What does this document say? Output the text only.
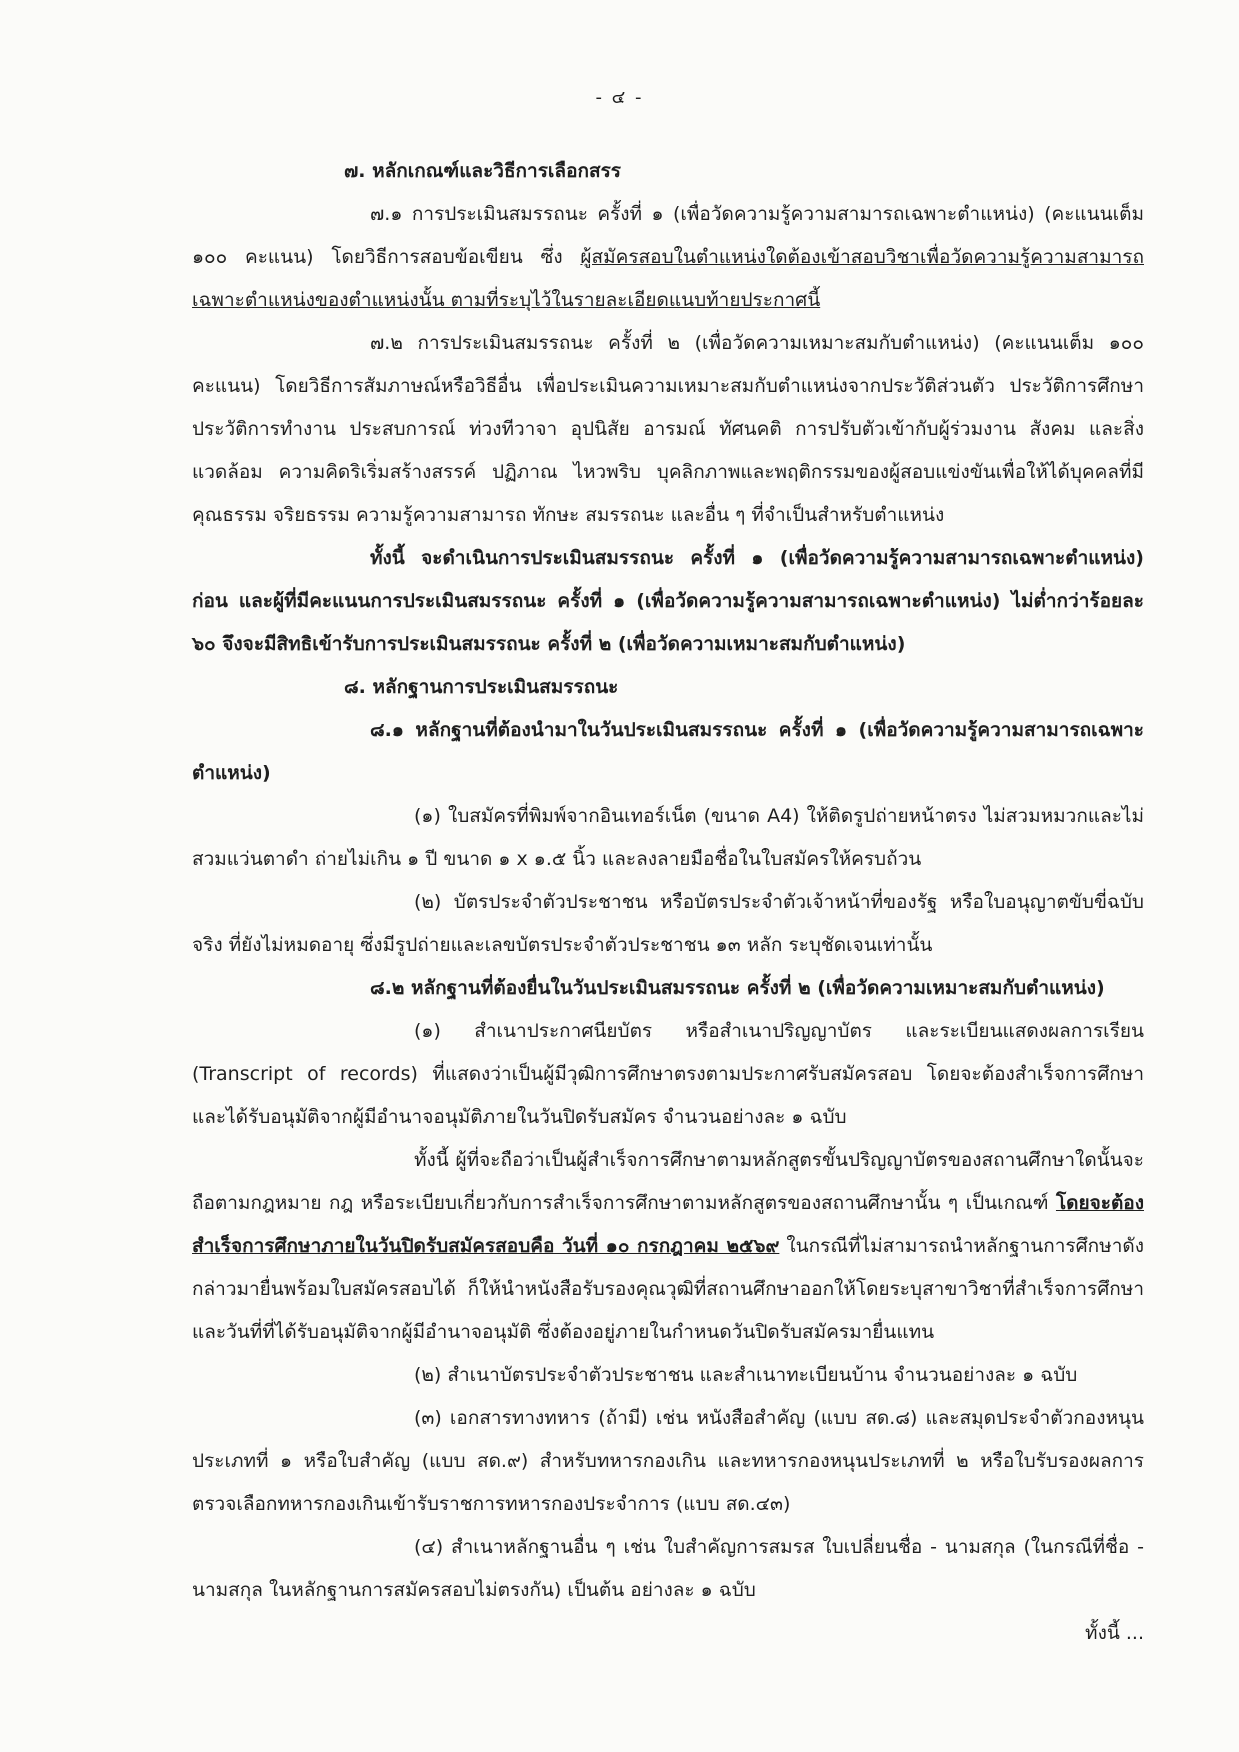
- ๔ -

๗. หลักเกณฑ์และวิธีการเลือกสรร

๗.๑ การประเมินสมรรถนะ ครั้งที่ ๑ (เพื่อวัดความรู้ความสามารถเฉพาะตำแหน่ง) (คะแนนเต็ม ๑๐๐ คะแนน) โดยวิธีการสอบข้อเขียน ซึ่ง ผู้สมัครสอบในตำแหน่งใดต้องเข้าสอบวิชาเพื่อวัดความรู้ความสามารถเฉพาะตำแหน่งของตำแหน่งนั้น ตามที่ระบุไว้ในรายละเอียดแนบท้ายประกาศนี้

๗.๒ การประเมินสมรรถนะ ครั้งที่ ๒ (เพื่อวัดความเหมาะสมกับตำแหน่ง) (คะแนนเต็ม ๑๐๐ คะแนน) โดยวิธีการสัมภาษณ์หรือวิธีอื่น เพื่อประเมินความเหมาะสมกับตำแหน่งจากประวัติส่วนตัว ประวัติการศึกษา ประวัติการทำงาน ประสบการณ์ ท่วงทีวาจา อุปนิสัย อารมณ์ ทัศนคติ การปรับตัวเข้ากับผู้ร่วมงาน สังคม และสิ่งแวดล้อม ความคิดริเริ่มสร้างสรรค์ ปฏิภาณ ไหวพริบ บุคลิกภาพและพฤติกรรมของผู้สอบแข่งขันเพื่อให้ได้บุคคลที่มีคุณธรรม จริยธรรม ความรู้ความสามารถ ทักษะ สมรรถนะ และอื่น ๆ ที่จำเป็นสำหรับตำแหน่ง

ทั้งนี้ จะดำเนินการประเมินสมรรถนะ ครั้งที่ ๑ (เพื่อวัดความรู้ความสามารถเฉพาะตำแหน่ง) ก่อน และผู้ที่มีคะแนนการประเมินสมรรถนะ ครั้งที่ ๑ (เพื่อวัดความรู้ความสามารถเฉพาะตำแหน่ง) ไม่ต่ำกว่าร้อยละ ๖๐ จึงจะมีสิทธิเข้ารับการประเมินสมรรถนะ ครั้งที่ ๒ (เพื่อวัดความเหมาะสมกับตำแหน่ง)

๘. หลักฐานการประเมินสมรรถนะ

๘.๑ หลักฐานที่ต้องนำมาในวันประเมินสมรรถนะ ครั้งที่ ๑ (เพื่อวัดความรู้ความสามารถเฉพาะตำแหน่ง)

(๑) ใบสมัครที่พิมพ์จากอินเทอร์เน็ต (ขนาด A4) ให้ติดรูปถ่ายหน้าตรง ไม่สวมหมวกและไม่สวมแว่นตาดำ ถ่ายไม่เกิน ๑ ปี ขนาด ๑ x ๑.๕ นิ้ว และลงลายมือชื่อในใบสมัครให้ครบถ้วน

(๒) บัตรประจำตัวประชาชน หรือบัตรประจำตัวเจ้าหน้าที่ของรัฐ หรือใบอนุญาตขับขี่ฉบับจริง ที่ยังไม่หมดอายุ ซึ่งมีรูปถ่ายและเลขบัตรประจำตัวประชาชน ๑๓ หลัก ระบุชัดเจนเท่านั้น

๘.๒ หลักฐานที่ต้องยื่นในวันประเมินสมรรถนะ ครั้งที่ ๒ (เพื่อวัดความเหมาะสมกับตำแหน่ง)

(๑) สำเนาประกาศนียบัตร หรือสำเนาปริญญาบัตร และระเบียนแสดงผลการเรียน (Transcript of records) ที่แสดงว่าเป็นผู้มีวุฒิการศึกษาตรงตามประกาศรับสมัครสอบ โดยจะต้องสำเร็จการศึกษาและได้รับอนุมัติจากผู้มีอำนาจอนุมัติภายในวันปิดรับสมัคร จำนวนอย่างละ ๑ ฉบับ

ทั้งนี้ ผู้ที่จะถือว่าเป็นผู้สำเร็จการศึกษาตามหลักสูตรขั้นปริญญาบัตรของสถานศึกษาใดนั้นจะถือตามกฎหมาย กฎ หรือระเบียบเกี่ยวกับการสำเร็จการศึกษาตามหลักสูตรของสถานศึกษานั้น ๆ เป็นเกณฑ์ โดยจะต้องสำเร็จการศึกษาภายในวันปิดรับสมัครสอบคือ วันที่ ๑๐ กรกฎาคม ๒๕๖๙ ในกรณีที่ไม่สามารถนำหลักฐานการศึกษาดังกล่าวมายื่นพร้อมใบสมัครสอบได้ ก็ให้นำหนังสือรับรองคุณวุฒิที่สถานศึกษาออกให้โดยระบุสาขาวิชาที่สำเร็จการศึกษาและวันที่ที่ได้รับอนุมัติจากผู้มีอำนาจอนุมัติ ซึ่งต้องอยู่ภายในกำหนดวันปิดรับสมัครมายื่นแทน

(๒) สำเนาบัตรประจำตัวประชาชน และสำเนาทะเบียนบ้าน จำนวนอย่างละ ๑ ฉบับ

(๓) เอกสารทางทหาร (ถ้ามี) เช่น หนังสือสำคัญ (แบบ สด.๘) และสมุดประจำตัวกองหนุนประเภทที่ ๑ หรือใบสำคัญ (แบบ สด.๙) สำหรับทหารกองเกิน และทหารกองหนุนประเภทที่ ๒ หรือใบรับรองผลการตรวจเลือกทหารกองเกินเข้ารับราชการทหารกองประจำการ (แบบ สด.๔๓)

(๔) สำเนาหลักฐานอื่น ๆ เช่น ใบสำคัญการสมรส ใบเปลี่ยนชื่อ - นามสกุล (ในกรณีที่ชื่อ - นามสกุล ในหลักฐานการสมัครสอบไม่ตรงกัน) เป็นต้น อย่างละ ๑ ฉบับ

ทั้งนี้ ...
